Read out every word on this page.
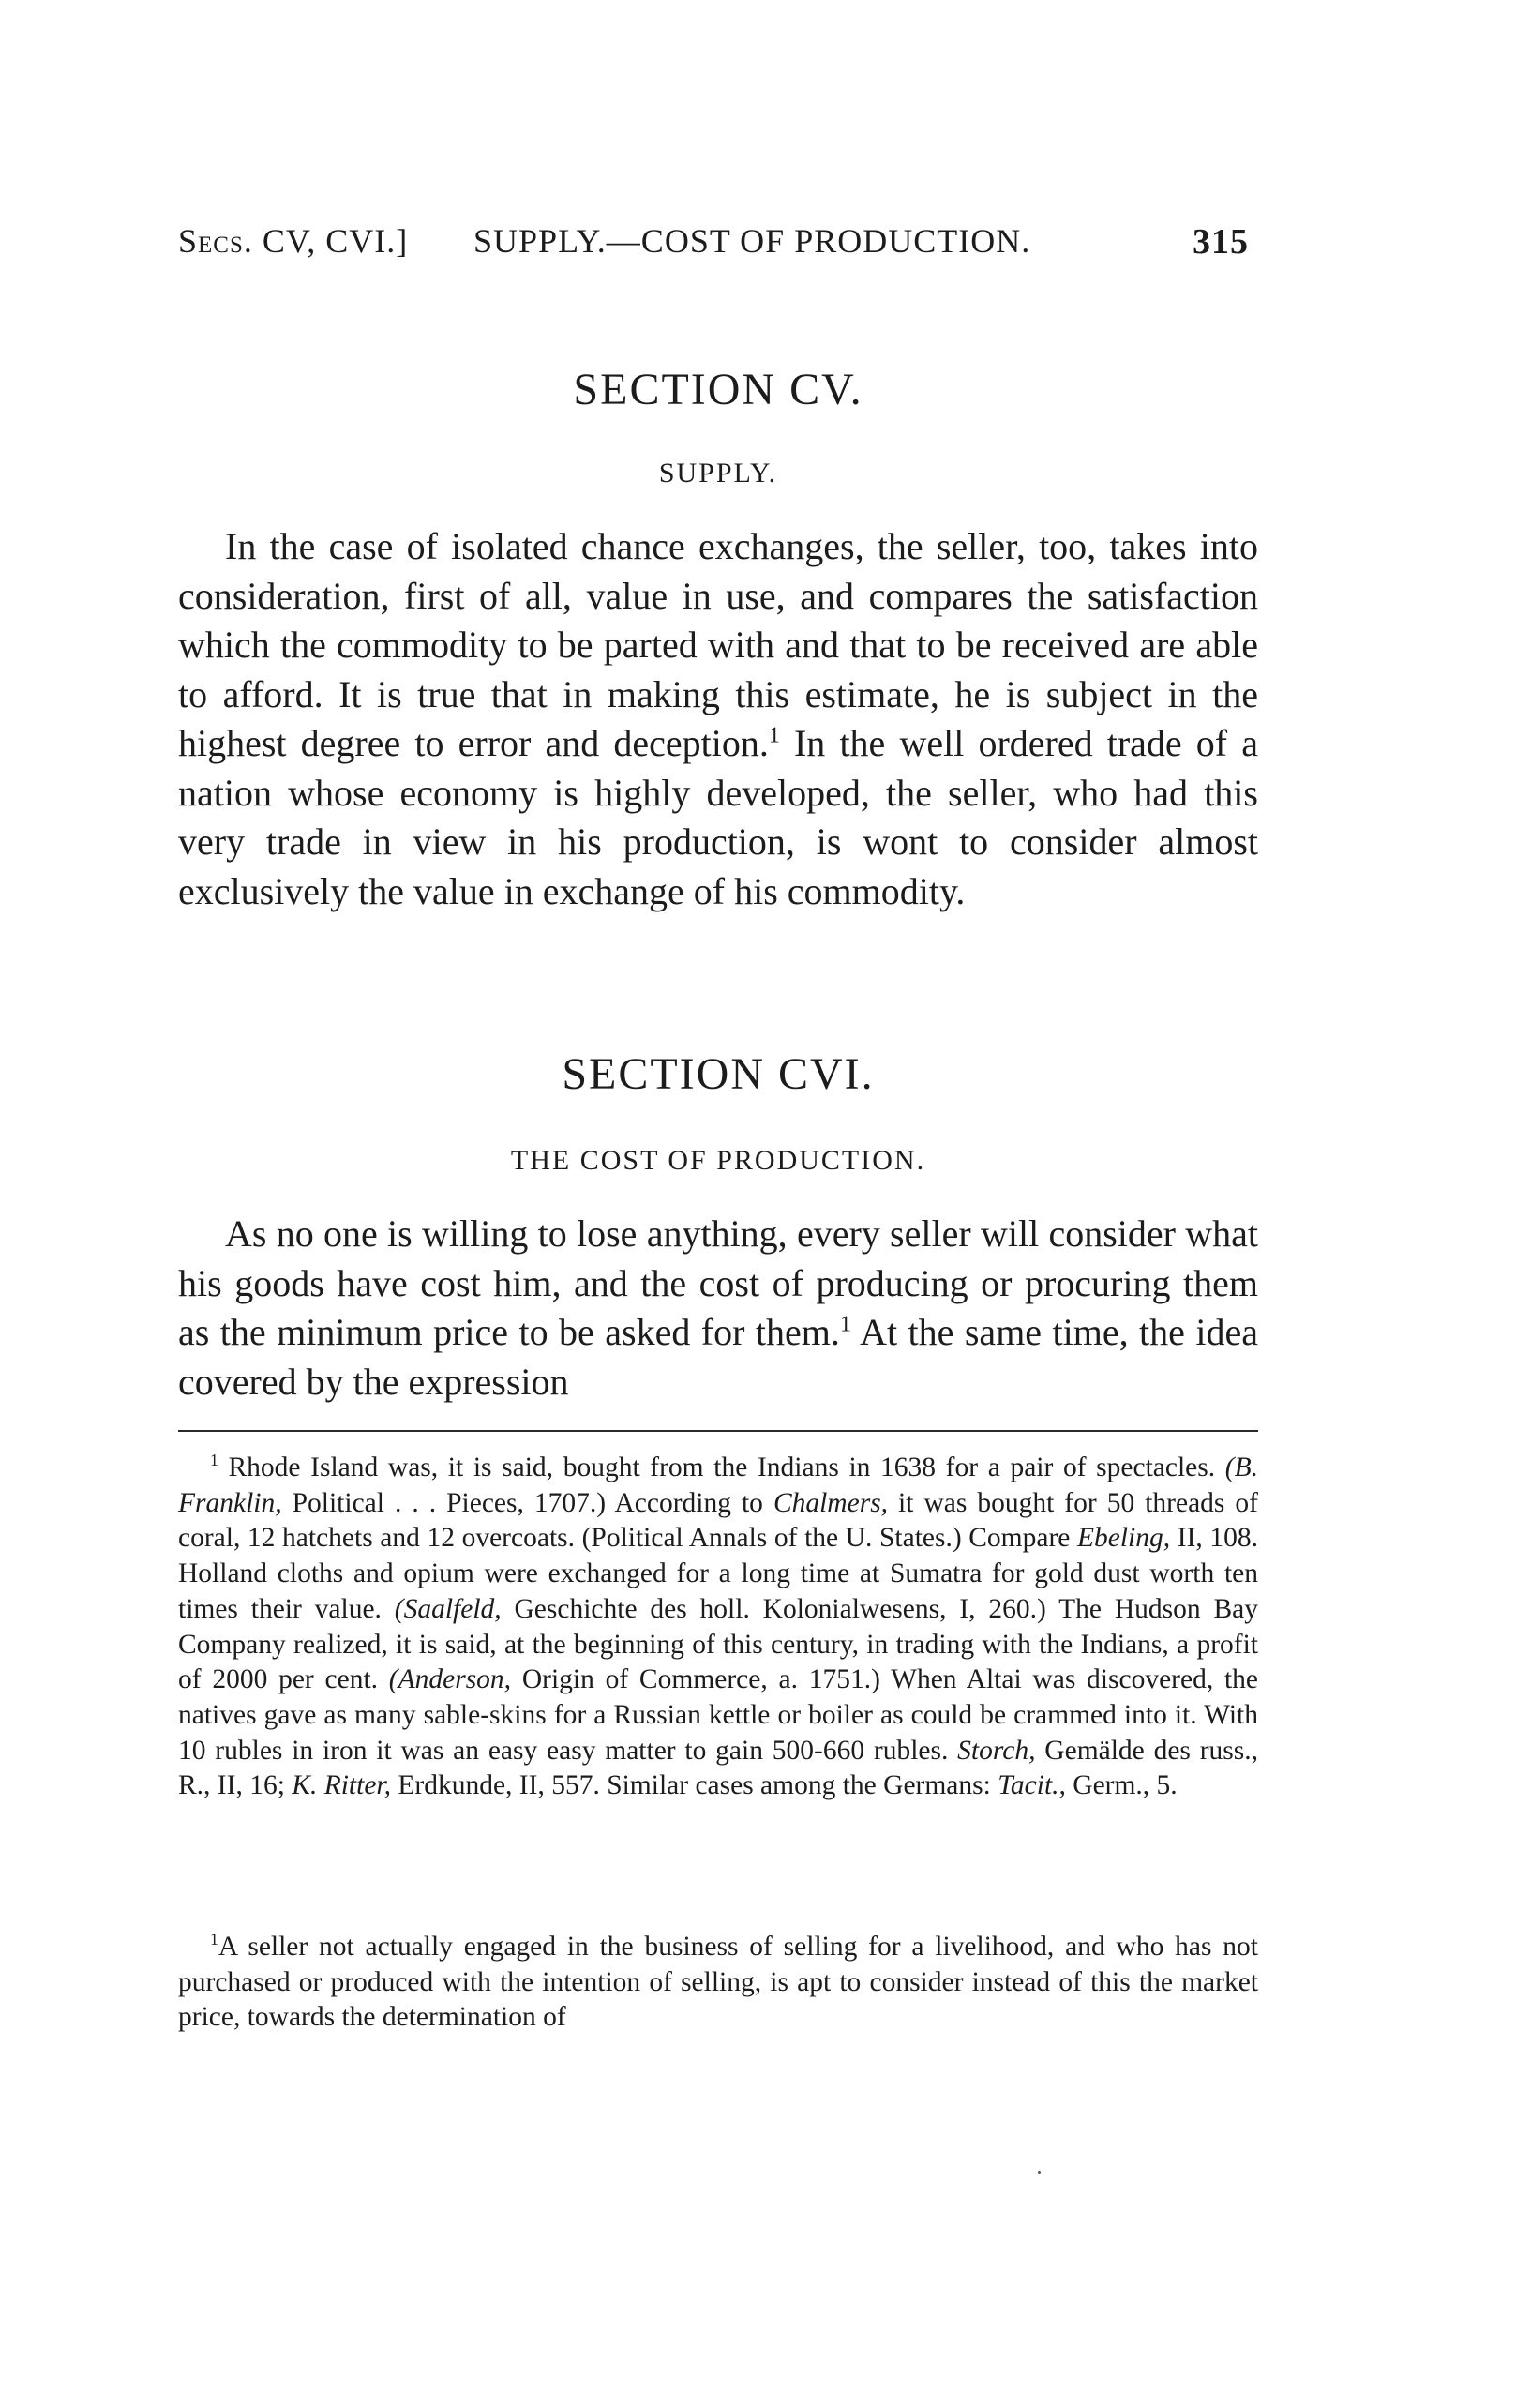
Secs. CV, CVI.] SUPPLY.—COST OF PRODUCTION.	315
SECTION CV.
SUPPLY.

In the case of isolated chance exchanges, the seller, too, takes into consideration, first of all, value in use, and compares the satisfaction which the commodity to be parted with and that to be received are able to afford. It is true that in making this estimate, he is subject in the highest degree to error and deception.$^1$ In the well ordered trade of a nation whose economy is highly developed, the seller, who had this very trade in view in his production, is wont to consider almost exclusively the value in exchange of his commodity.

SECTION CVI.
THE COST OF PRODUCTION.

As no one is willing to lose anything, every seller will consider what his goods have cost him, and the cost of producing or procuring them as the minimum price to be asked for them.$^1$ At the same time, the idea covered by the expression

$^1$ Rhode Island was, it is said, bought from the Indians in 1638 for a pair of spectacles. (B. Franklin, Political . . . Pieces, 1707.) According to Chalmers, it was bought for 50 threads of coral, 12 hatchets and 12 overcoats. (Political Annals of the U. States.) Compare Ebeling, II, 108. Holland cloths and opium were exchanged for a long time at Sumatra for gold dust worth ten times their value. (Saalfeld, Geschichte des holl. Kolonialwesens, I, 260.) The Hudson Bay Company realized, it is said, at the beginning of this century, in trading with the Indians, a profit of 2000 per cent. (Anderson, Origin of Commerce, a. 1751.) When Altai was discovered, the natives gave as many sable-skins for a Russian kettle or boiler as could be crammed into it. With 10 rubles in iron it was an easy easy matter to gain 500-660 rubles. Storch, Gemälde des russ., R., II, 16; K. Ritter, Erdkunde, II, 557. Similar cases among the Germans: Tacit., Germ., 5.

$^1$A seller not actually engaged in the business of selling for a livelihood, and who has not purchased or produced with the intention of selling, is apt to consider instead of this the market price, towards the determination of
